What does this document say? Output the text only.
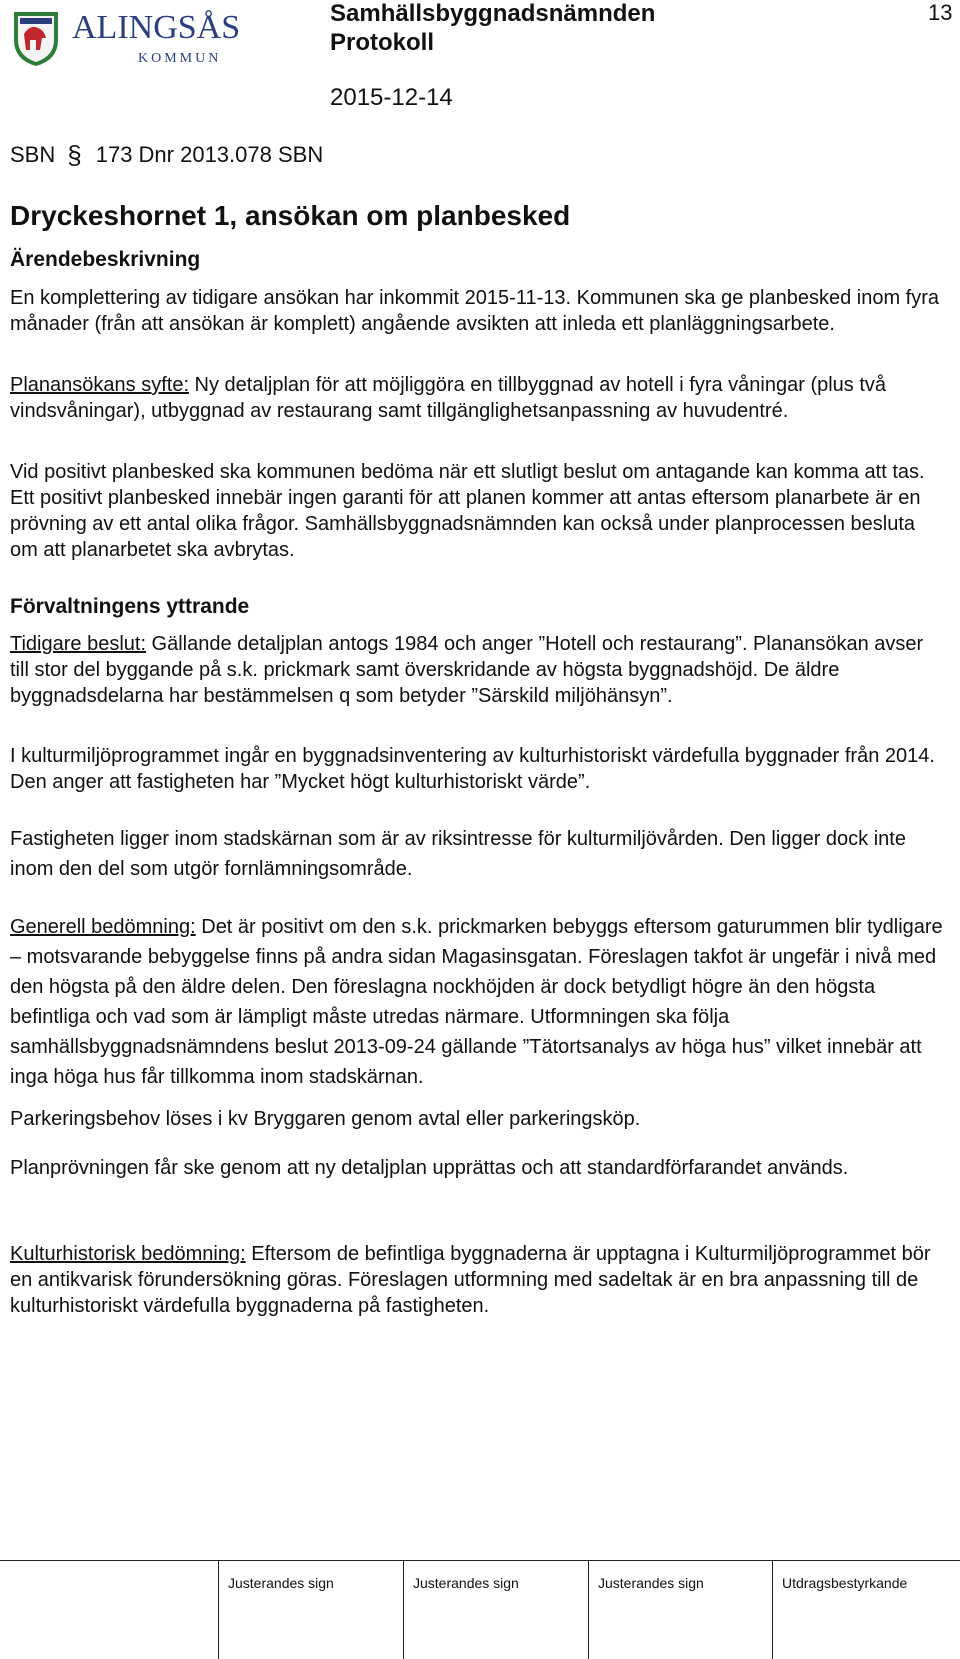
ALINGSÅS
KOMMUN
Samhällsbyggnadsnämnden
Protokoll
2015-12-14
13
SBN § 173 Dnr 2013.078 SBN
Dryckeshornet 1, ansökan om planbesked
Ärendebeskrivning

En komplettering av tidigare ansökan har inkommit 2015-11-13. Kommunen ska ge planbesked inom fyra månader (från att ansökan är komplett) angående avsikten att inleda ett planläggningsarbete.

Planansökans syfte: Ny detaljplan för att möjliggöra en tillbyggnad av hotell i fyra våningar (plus två vindsvåningar), utbyggnad av restaurang samt tillgänglighetsanpassning av huvudentré.

Vid positivt planbesked ska kommunen bedöma när ett slutligt beslut om antagande kan komma att tas. Ett positivt planbesked innebär ingen garanti för att planen kommer att antas eftersom planarbete är en prövning av ett antal olika frågor. Samhällsbyggnadsnämnden kan också under planprocessen besluta om att planarbetet ska avbrytas.

Förvaltningens yttrande

Tidigare beslut: Gällande detaljplan antogs 1984 och anger ”Hotell och restaurang”. Planansökan avser till stor del byggande på s.k. prickmark samt överskridande av högsta byggnadshöjd. De äldre byggnadsdelarna har bestämmelsen q som betyder ”Särskild miljöhänsyn”.

I kulturmiljöprogrammet ingår en byggnadsinventering av kulturhistoriskt värdefulla byggnader från 2014. Den anger att fastigheten har ”Mycket högt kulturhistoriskt värde”.

Fastigheten ligger inom stadskärnan som är av riksintresse för kulturmiljövården. Den ligger dock inte inom den del som utgör fornlämningsområde.

Generell bedömning: Det är positivt om den s.k. prickmarken bebyggs eftersom gaturummen blir tydligare – motsvarande bebyggelse finns på andra sidan Magasinsgatan. Föreslagen takfot är ungefär i nivå med den högsta på den äldre delen. Den föreslagna nockhöjden är dock betydligt högre än den högsta befintliga och vad som är lämpligt måste utredas närmare. Utformningen ska följa samhällsbyggnadsnämndens beslut 2013-09-24 gällande ”Tätortsanalys av höga hus” vilket innebär att inga höga hus får tillkomma inom stadskärnan.

Parkeringsbehov löses i kv Bryggaren genom avtal eller parkeringsköp.

Planprövningen får ske genom att ny detaljplan upprättas och att standardförfarandet används.

Kulturhistorisk bedömning: Eftersom de befintliga byggnaderna är upptagna i Kulturmiljöprogrammet bör en antikvarisk förundersökning göras. Föreslagen utformning med sadeltak är en bra anpassning till de kulturhistoriskt värdefulla byggnaderna på fastigheten.

Justerandes sign	Justerandes sign	Justerandes sign	Utdragsbestyrkande
